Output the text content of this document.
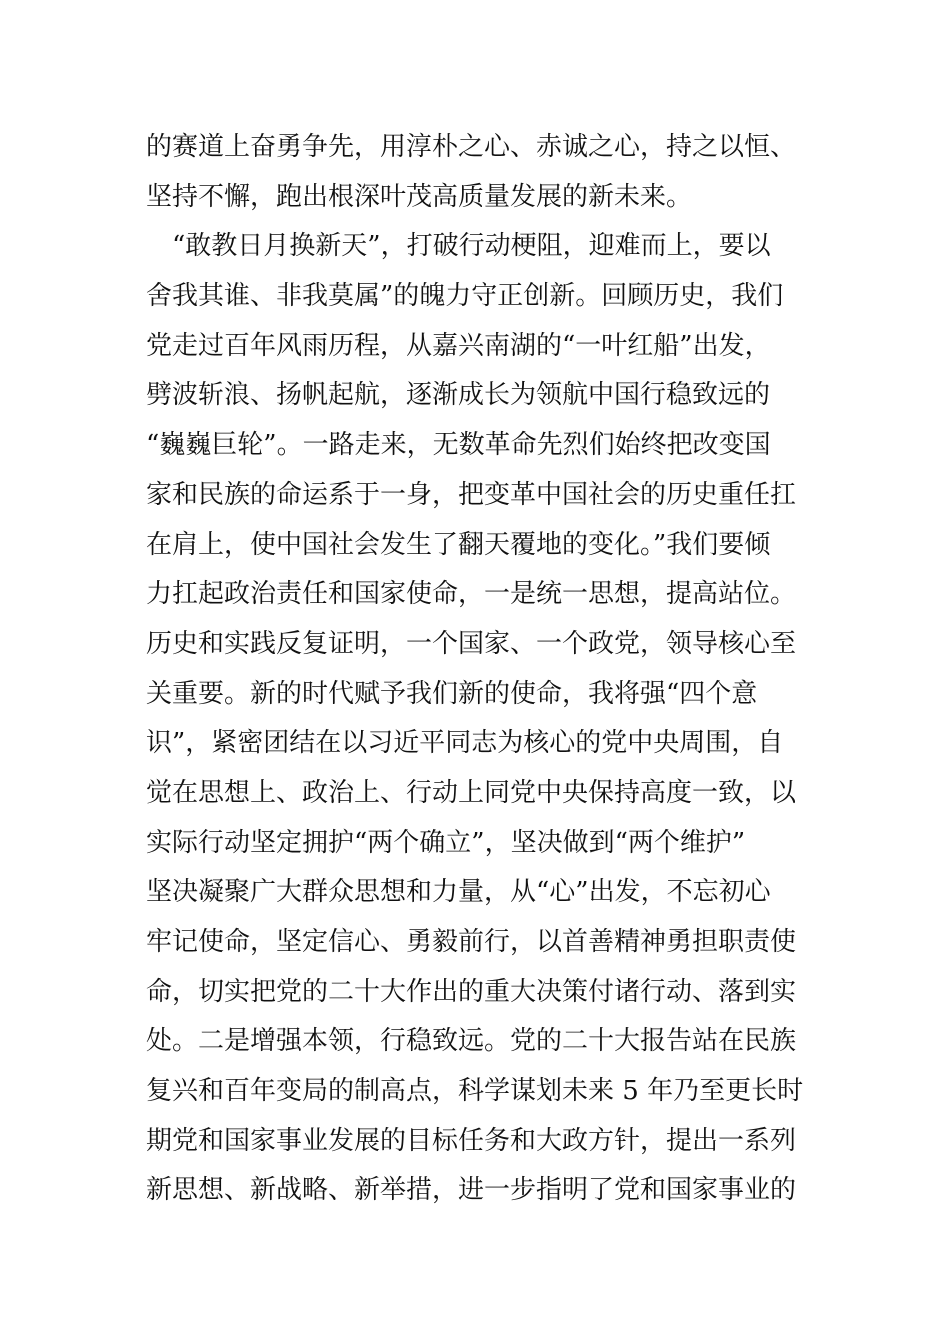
的赛道上奋勇争先，用淳朴之心、赤诚之心，持之以恒、
坚持不懈，跑出根深叶茂高质量发展的新未来。
　“敢教日月换新天”，打破行动梗阻，迎难而上，要以
舍我其谁、非我莫属”的魄力守正创新。回顾历史，我们
党走过百年风雨历程，从嘉兴南湖的“一叶红船”出发，
劈波斩浪、扬帆起航，逐渐成长为领航中国行稳致远的
“巍巍巨轮”。一路走来，无数革命先烈们始终把改变国
家和民族的命运系于一身，把变革中国社会的历史重任扛
在肩上，使中国社会发生了翻天覆地的变化。”我们要倾
力扛起政治责任和国家使命，一是统一思想，提高站位。
历史和实践反复证明，一个国家、一个政党，领导核心至
关重要。新的时代赋予我们新的使命，我将强“四个意
识”，紧密团结在以习近平同志为核心的党中央周围，自
觉在思想上、政治上、行动上同党中央保持高度一致，以
实际行动坚定拥护“两个确立”，坚决做到“两个维护”
坚决凝聚广大群众思想和力量，从“心”出发，不忘初心
牢记使命，坚定信心、勇毅前行，以首善精神勇担职责使
命，切实把党的二十大作出的重大决策付诸行动、落到实
处。二是增强本领，行稳致远。党的二十大报告站在民族
复兴和百年变局的制高点，科学谋划未来 5 年乃至更长时
期党和国家事业发展的目标任务和大政方针，提出一系列
新思想、新战略、新举措，进一步指明了党和国家事业的
